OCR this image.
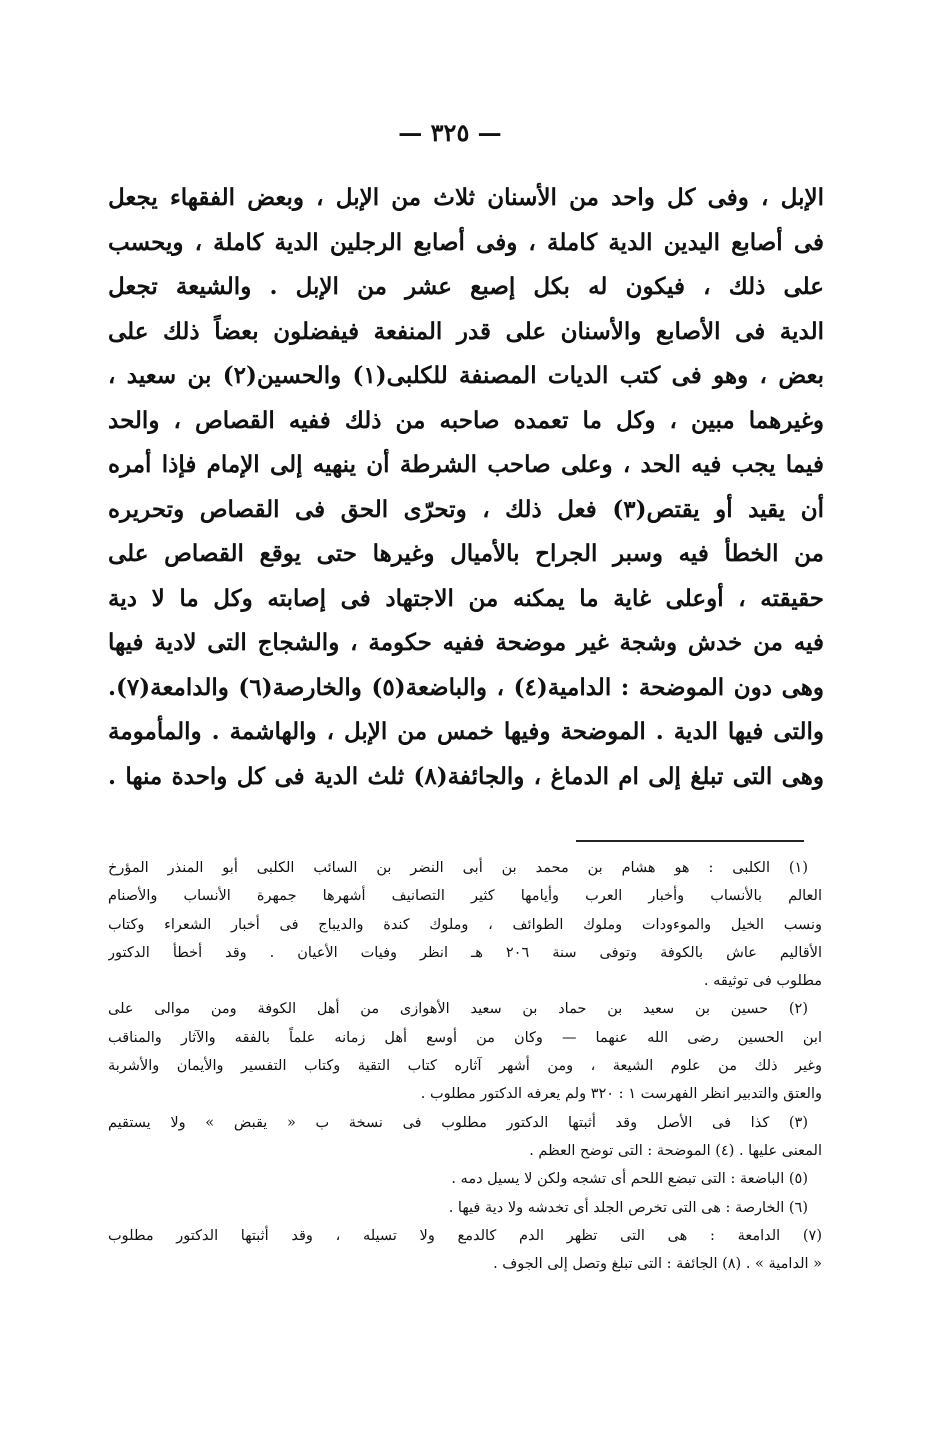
— ٣٢٥ —
الإبل ، وفى كل واحد من الأسنان ثلاث من الإبل ، وبعض الفقهاء يجعل
فى أصابع اليدين الدية كاملة ، وفى أصابع الرجلين الدية كاملة ، ويحسب
على ذلك ، فيكون له بكل إصبع عشر من الإبل . والشيعة تجعل
الدية فى الأصابع والأسنان على قدر المنفعة فيفضلون بعضاً ذلك على
بعض ، وهو فى كتب الديات المصنفة للكلبى(١) والحسين(٢) بن سعيد ،
وغيرهما مبين ، وكل ما تعمده صاحبه من ذلك ففيه القصاص ، والحد
فيما يجب فيه الحد ، وعلى صاحب الشرطة أن ينهيه إلى الإمام فإذا أمره
أن يقيد أو يقتص(٣) فعل ذلك ، وتحرّى الحق فى القصاص وتحريره
من الخطأ فيه وسبر الجراح بالأميال وغيرها حتى يوقع القصاص على
حقيقته ، أوعلى غاية ما يمكنه من الاجتهاد فى إصابته وكل ما لا دية
فيه من خدش وشجة غير موضحة ففيه حكومة ، والشجاج التى لادية فيها
وهى دون الموضحة : الدامية(٤) ، والباضعة(٥) والخارصة(٦) والدامعة(٧).
والتى فيها الدية . الموضحة وفيها خمس من الإبل ، والهاشمة . والمأمومة
وهى التى تبلغ إلى ام الدماغ ، والجائفة(٨) ثلث الدية فى كل واحدة منها .
(١) الكلبى : هو هشام بن محمد بن أبى النضر بن السائب الكلبى أبو المنذر المؤرخ
العالم بالأنساب وأخبار العرب وأيامها كثير التصانيف أشهرها جمهرة الأنساب والأصنام
ونسب الخيل والموءودات وملوك الطوائف ، وملوك كندة والديباج فى أخبار الشعراء وكتاب
الأقاليم عاش بالكوفة وتوفى سنة ٢٠٦ هـ انظر وفيات الأعيان . وقد أخطأ الدكتور
مطلوب فى توثيقه .
(٢) حسين بن سعيد بن حماد بن سعيد الأهوازى من أهل الكوفة ومن موالى على
ابن الحسين رضى الله عنهما — وكان من أوسع أهل زمانه علماً بالفقه والآثار والمناقب
وغير ذلك من علوم الشيعة ، ومن أشهر آثاره كتاب التقية وكتاب التفسير والأيمان والأشربة
والعتق والتدبير انظر الفهرست ١ : ٣٢٠ ولم يعرفه الدكتور مطلوب .
(٣) كذا فى الأصل وقد أثبتها الدكتور مطلوب فى نسخة ب « يقبض » ولا يستقيم
المعنى عليها . (٤) الموضحة : التى توضح العظم .
(٥) الباضعة : التى تبضع اللحم أى تشجه ولكن لا يسيل دمه .
(٦) الخارصة : هى التى تخرص الجلد أى تخدشه ولا دية فيها .
(٧) الدامعة : هى التى تظهر الدم كالدمع ولا تسيله ، وقد أثبتها الدكتور مطلوب
« الدامية » . (٨) الجائفة : التى تبلغ وتصل إلى الجوف .
